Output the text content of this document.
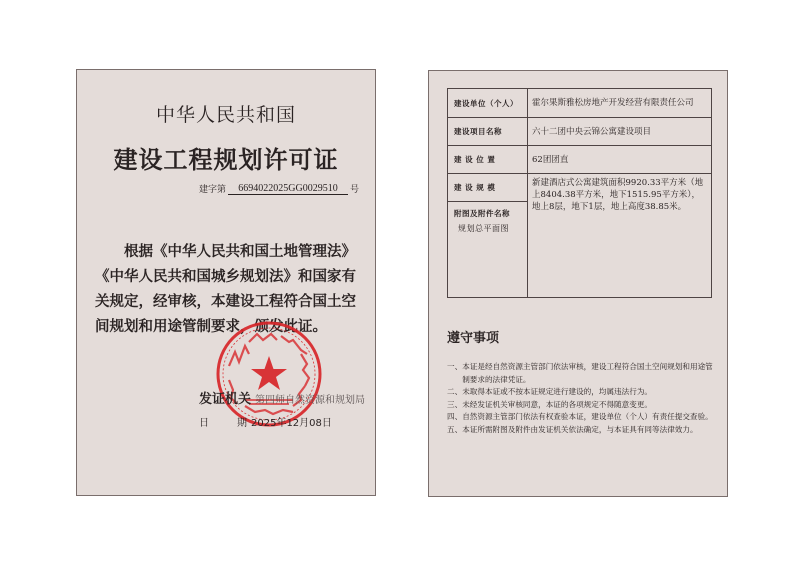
中华人民共和国
建设工程规划许可证
建字第	6694022025GG0029510	号
根据《中华人民共和国土地管理法》《中华人民共和国城乡规划法》和国家有关规定，经审核，本建设工程符合国土空间规划和用途管制要求，颁发此证。
发证机关 第四师自然资源和规划局
日	期 2025年12月08日
建设单位（个人）	霍尔果斯雅松房地产开发经营有限责任公司
建设项目名称	六十二团中央云锦公寓建设项目
建 设 位 置	62团团直
建 设 规 模	新建酒店式公寓建筑面积9920.33平方米（地上8404.38平方米，地下1515.95平方米），地上8层，地下1层，地上高度38.85米。
附图及附件名称
规划总平面图	
遵守事项
一、 本证是经自然资源主管部门依法审核，建设工程符合国土空间规划和用途管制要求的法律凭证。
二、 未取得本证或不按本证规定进行建设的，均属违法行为。
三、 未经发证机关审核同意，本证的各项规定不得随意变更。
四、 自然资源主管部门依法有权查验本证，建设单位（个人）有责任提交查验。
五、 本证所需附图及附件由发证机关依法确定，与本证具有同等法律效力。
